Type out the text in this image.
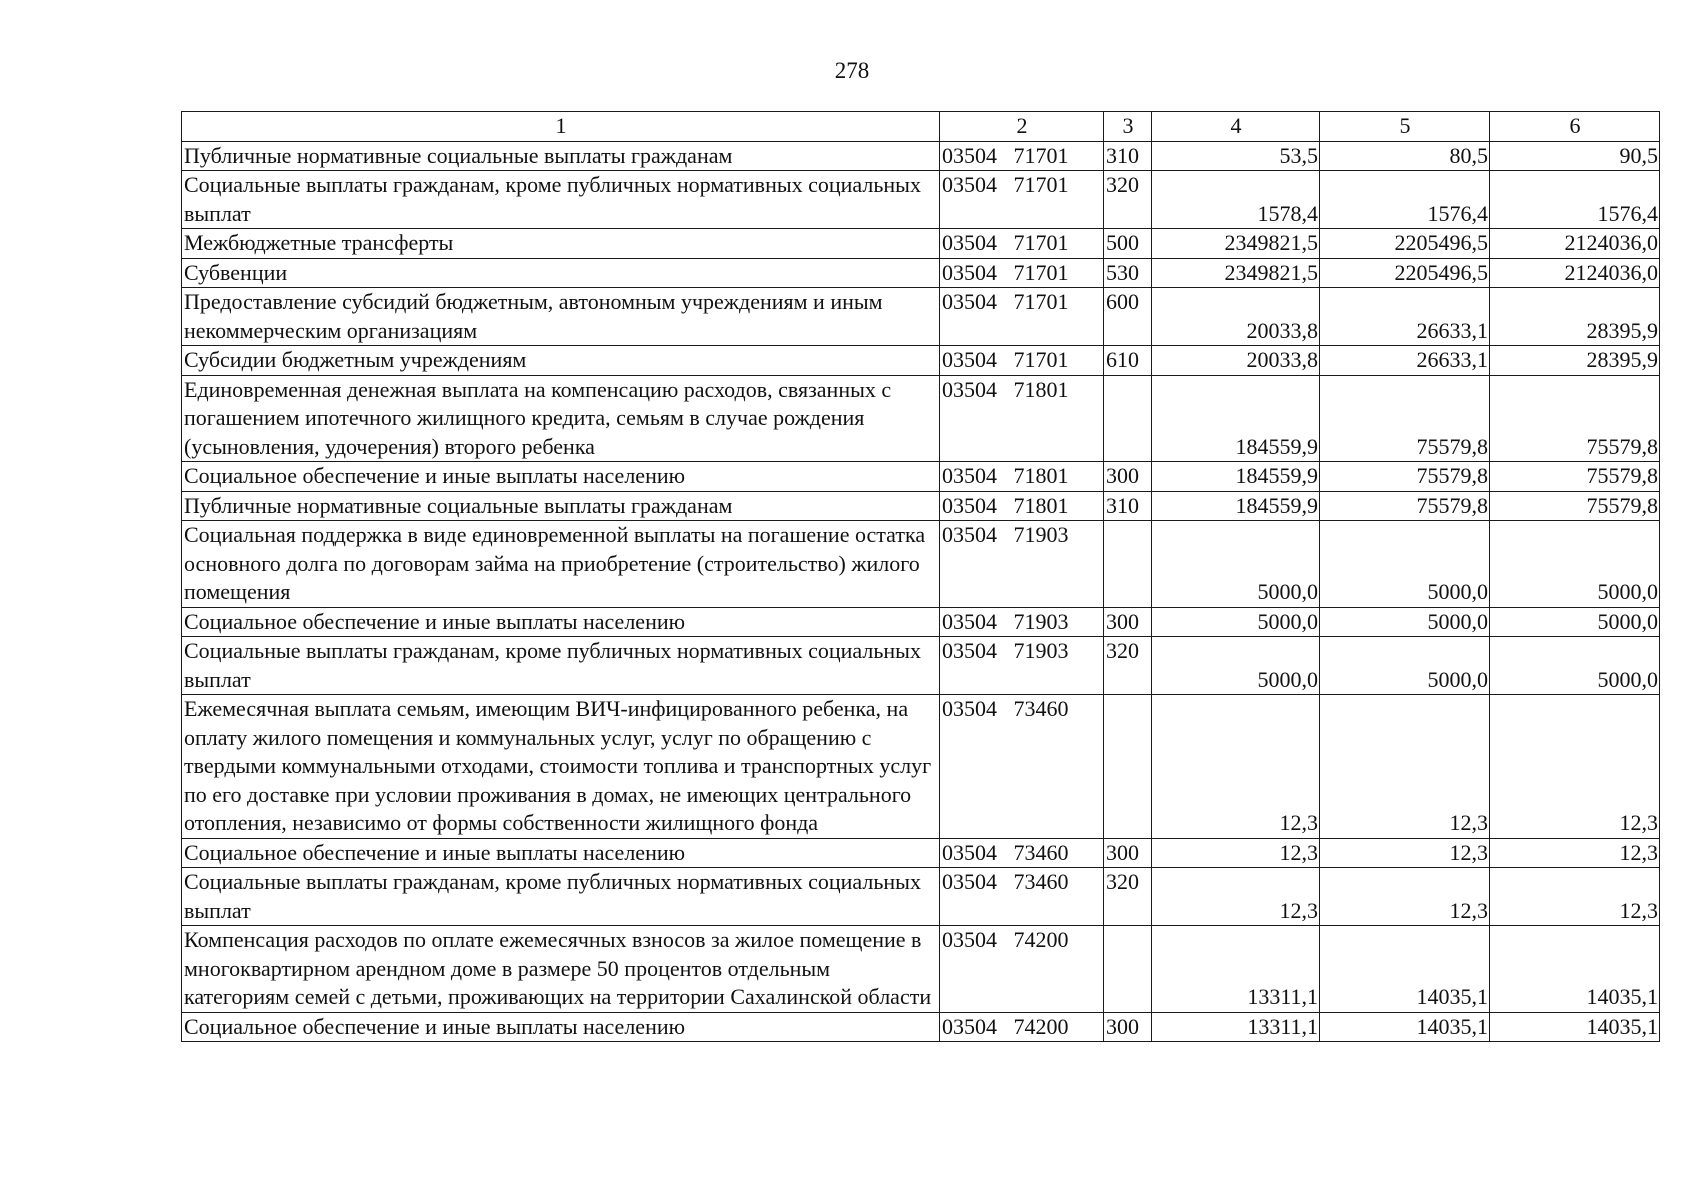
278
1	2	3	4	5	6
Публичные нормативные социальные выплаты гражданам	03504   71701	310	53,5	80,5	90,5
Социальные выплаты гражданам, кроме публичных нормативных социальных выплат	03504   71701	320	1578,4	1576,4	1576,4
Межбюджетные трансферты	03504   71701	500	2349821,5	2205496,5	2124036,0
Субвенции	03504   71701	530	2349821,5	2205496,5	2124036,0
Предоставление субсидий бюджетным, автономным учреждениям и иным некоммерческим организациям	03504   71701	600	20033,8	26633,1	28395,9
Субсидии бюджетным учреждениям	03504   71701	610	20033,8	26633,1	28395,9
Единовременная денежная выплата на компенсацию расходов, связанных с погашением ипотечного жилищного кредита, семьям в случае рождения (усыновления, удочерения) второго ребенка	03504   71801		184559,9	75579,8	75579,8
Социальное обеспечение и иные выплаты населению	03504   71801	300	184559,9	75579,8	75579,8
Публичные нормативные социальные выплаты гражданам	03504   71801	310	184559,9	75579,8	75579,8
Социальная поддержка в виде единовременной выплаты на погашение остатка основного долга по договорам займа на приобретение (строительство) жилого помещения	03504   71903		5000,0	5000,0	5000,0
Социальное обеспечение и иные выплаты населению	03504   71903	300	5000,0	5000,0	5000,0
Социальные выплаты гражданам, кроме публичных нормативных социальных выплат	03504   71903	320	5000,0	5000,0	5000,0
Ежемесячная выплата семьям, имеющим ВИЧ-инфицированного ребенка, на оплату жилого помещения и коммунальных услуг, услуг по обращению с твердыми коммунальными отходами, стоимости топлива и транспортных услуг по его доставке при условии проживания в домах, не имеющих центрального отопления, независимо от формы собственности жилищного фонда	03504   73460		12,3	12,3	12,3
Социальное обеспечение и иные выплаты населению	03504   73460	300	12,3	12,3	12,3
Социальные выплаты гражданам, кроме публичных нормативных социальных выплат	03504   73460	320	12,3	12,3	12,3
Компенсация расходов по оплате ежемесячных взносов за жилое помещение в многоквартирном арендном доме в размере 50 процентов отдельным категориям семей с детьми, проживающих на территории Сахалинской области	03504   74200		13311,1	14035,1	14035,1
Социальное обеспечение и иные выплаты населению	03504   74200	300	13311,1	14035,1	14035,1
